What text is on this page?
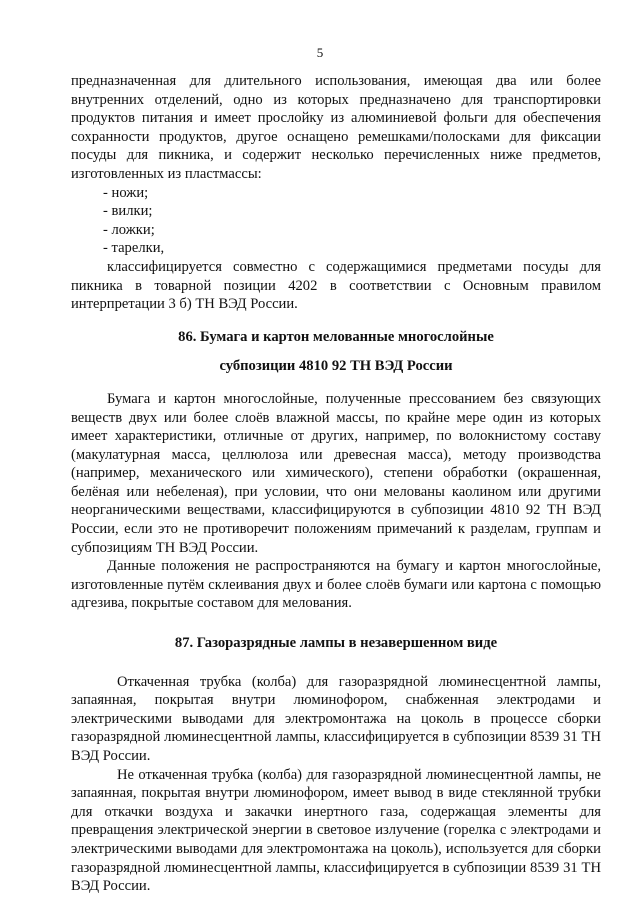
5

предназначенная для длительного использования, имеющая два или более внутренних отделений, одно из которых предназначено для транспортировки продуктов питания и имеет прослойку из алюминиевой фольги для обеспечения сохранности продуктов, другое оснащено ремешками/полосками для фиксации посуды для пикника, и содержит несколько перечисленных ниже предметов, изготовленных из пластмассы:

- ножи;

- вилки;

- ложки;

- тарелки,

классифицируется совместно с содержащимися предметами посуды для пикника в товарной позиции 4202 в соответствии с Основным правилом интерпретации 3 б) ТН ВЭД России.

86. Бумага и картон мелованные многослойные

субпозиции 4810 92 ТН ВЭД России

Бумага и картон многослойные, полученные прессованием без связующих веществ двух или более слоёв влажной массы, по крайне мере один из которых имеет характеристики, отличные от других, например, по волокнистому составу (макулатурная масса, целлюлоза или древесная масса), методу производства (например, механического или химического), степени обработки (окрашенная, белёная или небеленая), при условии, что они мелованы каолином или другими неорганическими веществами, классифицируются в субпозиции 4810 92 ТН ВЭД России, если это не противоречит положениям примечаний к разделам, группам и субпозициям ТН ВЭД России.

Данные положения не распространяются на бумагу и картон многослойные, изготовленные путём склеивания двух и более слоёв бумаги или картона с помощью адгезива, покрытые составом для мелования.

87. Газоразрядные лампы в незавершенном виде

Откаченная трубка (колба) для газоразрядной люминесцентной лампы, запаянная, покрытая внутри люминофором, снабженная электродами и электрическими выводами для электромонтажа на цоколь в процессе сборки газоразрядной люминесцентной лампы, классифицируется в субпозиции 8539 31 ТН ВЭД России.

Не откаченная трубка (колба) для газоразрядной люминесцентной лампы, не запаянная, покрытая внутри люминофором, имеет вывод в виде стеклянной трубки для откачки воздуха и закачки инертного газа, содержащая элементы для превращения электрической энергии в световое излучение (горелка с электродами и электрическими выводами для электромонтажа на цоколь), используется для сборки газоразрядной люминесцентной лампы, классифицируется в субпозиции 8539 31 ТН ВЭД России.
